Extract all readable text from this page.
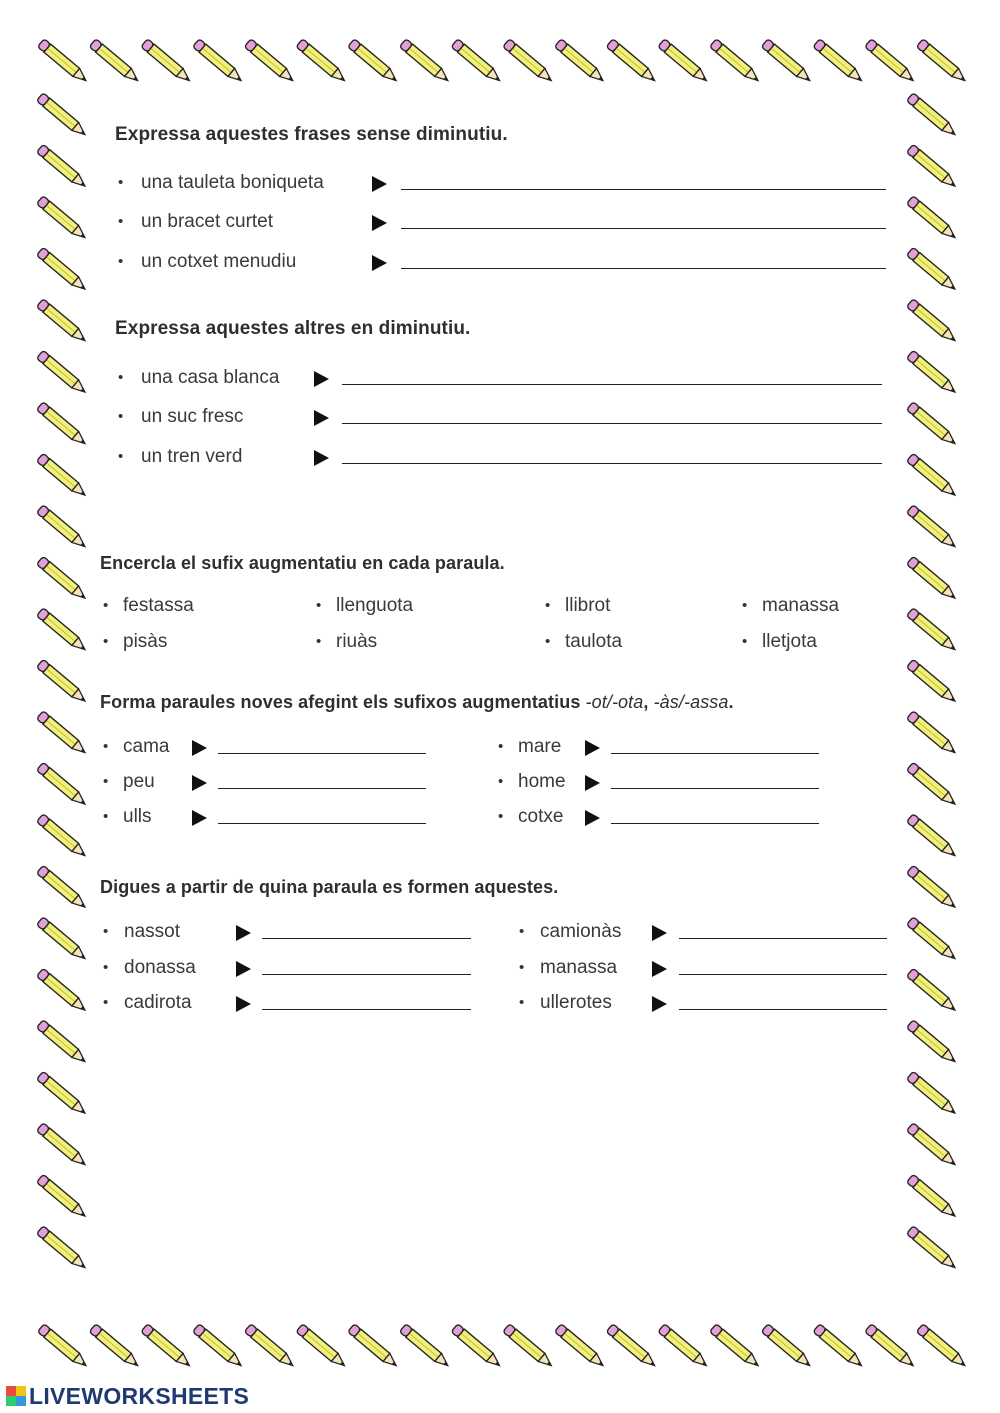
Expressa aquestes frases sense diminutiu.

• una tauleta boniqueta
• un bracet curtet
• un cotxet menudiu

Expressa aquestes altres en diminutiu.

• una casa blanca
• un suc fresc
• un tren verd

Encercla el sufix augmentatiu en cada paraula.

• festassa	• llenguota	• llibrot	• manassa
• pisàs	• riuàs	• taulota	• lletjota

Forma paraules noves afegint els sufixos augmentatius -ot/-ota, -às/-assa.

• cama
• peu
• ulls
• mare
• home
• cotxe

Digues a partir de quina paraula es formen aquestes.

• nassot
• donassa
• cadirota
• camionàs
• manassa
• ullerotes
LIVEWORKSHEETS
